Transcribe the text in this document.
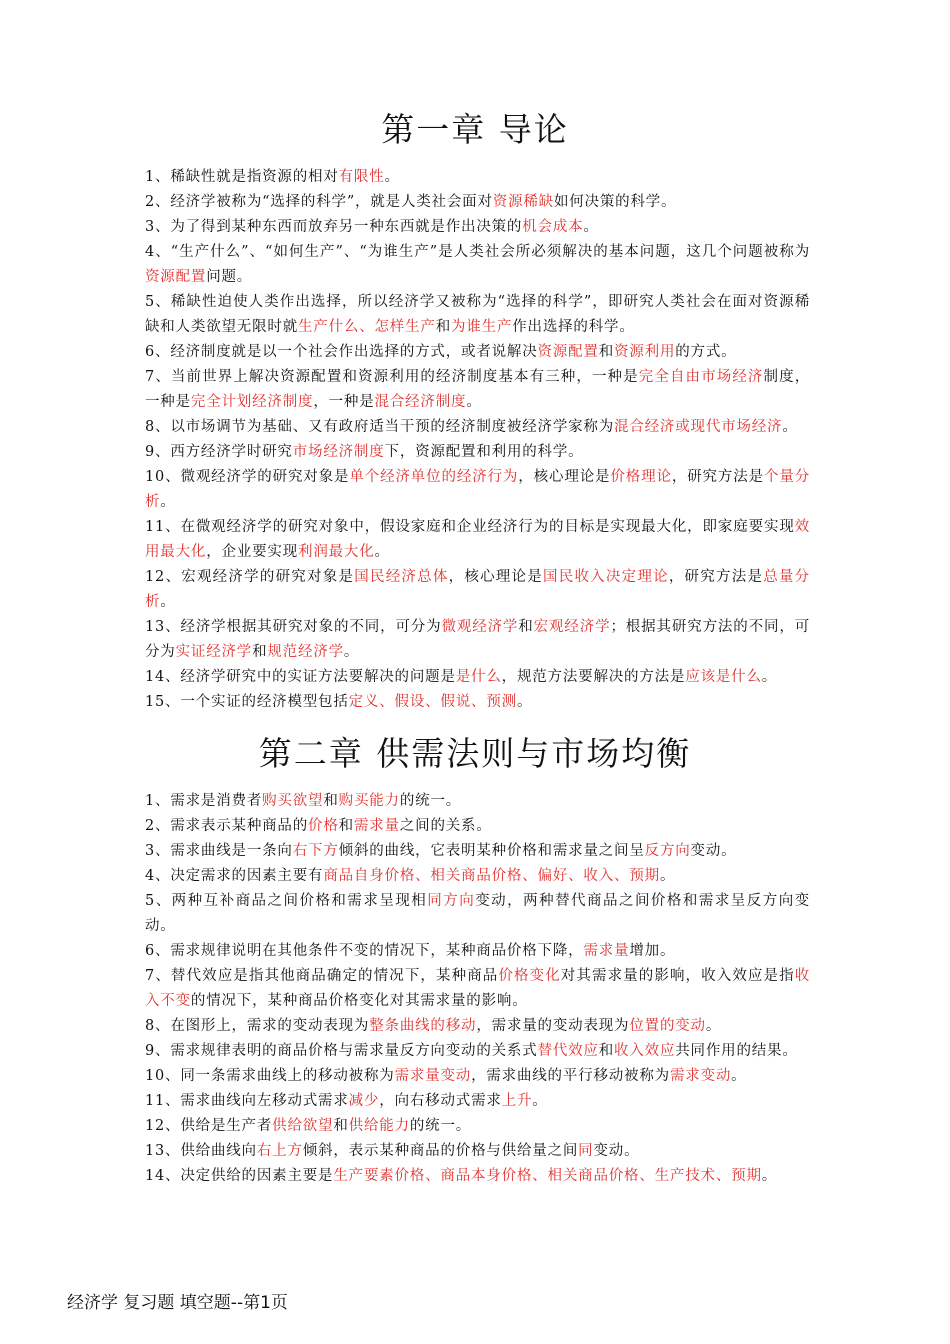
第一章 导论
1、稀缺性就是指资源的相对有限性。
2、经济学被称为“选择的科学”，就是人类社会面对资源稀缺如何决策的科学。
3、为了得到某种东西而放弃另一种东西就是作出决策的机会成本。
4、“生产什么”、“如何生产”、“为谁生产”是人类社会所必须解决的基本问题，这几个问题被称为资源配置问题。
5、稀缺性迫使人类作出选择，所以经济学又被称为“选择的科学”，即研究人类社会在面对资源稀缺和人类欲望无限时就生产什么、怎样生产和为谁生产作出选择的科学。
6、经济制度就是以一个社会作出选择的方式，或者说解决资源配置和资源利用的方式。
7、当前世界上解决资源配置和资源利用的经济制度基本有三种，一种是完全自由市场经济制度，一种是完全计划经济制度，一种是混合经济制度。
8、以市场调节为基础、又有政府适当干预的经济制度被经济学家称为混合经济或现代市场经济。
9、西方经济学时研究市场经济制度下，资源配置和利用的科学。
10、微观经济学的研究对象是单个经济单位的经济行为，核心理论是价格理论，研究方法是个量分析。
11、在微观经济学的研究对象中，假设家庭和企业经济行为的目标是实现最大化，即家庭要实现效用最大化，企业要实现利润最大化。
12、宏观经济学的研究对象是国民经济总体，核心理论是国民收入决定理论，研究方法是总量分析。
13、经济学根据其研究对象的不同，可分为微观经济学和宏观经济学；根据其研究方法的不同，可分为实证经济学和规范经济学。
14、经济学研究中的实证方法要解决的问题是是什么，规范方法要解决的方法是应该是什么。
15、一个实证的经济模型包括定义、假设、假说、预测。
第二章 供需法则与市场均衡
1、需求是消费者购买欲望和购买能力的统一。
2、需求表示某种商品的价格和需求量之间的关系。
3、需求曲线是一条向右下方倾斜的曲线，它表明某种价格和需求量之间呈反方向变动。
4、决定需求的因素主要有商品自身价格、相关商品价格、偏好、收入、预期。
5、两种互补商品之间价格和需求呈现相同方向变动，两种替代商品之间价格和需求呈反方向变动。
6、需求规律说明在其他条件不变的情况下，某种商品价格下降，需求量增加。
7、替代效应是指其他商品确定的情况下，某种商品价格变化对其需求量的影响，收入效应是指收入不变的情况下，某种商品价格变化对其需求量的影响。
8、在图形上，需求的变动表现为整条曲线的移动，需求量的变动表现为位置的变动。
9、需求规律表明的商品价格与需求量反方向变动的关系式替代效应和收入效应共同作用的结果。
10、同一条需求曲线上的移动被称为需求量变动，需求曲线的平行移动被称为需求变动。
11、需求曲线向左移动式需求减少，向右移动式需求上升。
12、供给是生产者供给欲望和供给能力的统一。
13、供给曲线向右上方倾斜，表示某种商品的价格与供给量之间同变动。
14、决定供给的因素主要是生产要素价格、商品本身价格、相关商品价格、生产技术、预期。
经济学 复习题 填空题--第1页
